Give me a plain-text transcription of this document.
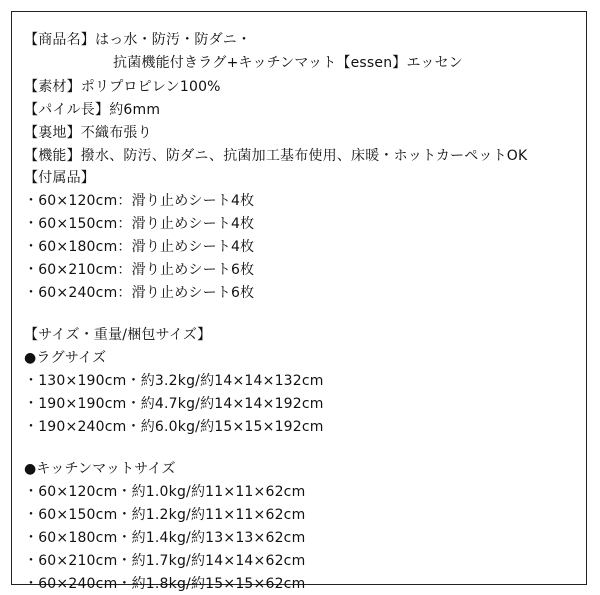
【商品名】はっ水・防汚・防ダニ・
抗菌機能付きラグ+キッチンマット【essen】エッセン
【素材】ポリプロピレン100%
【パイル長】約6mm
【裏地】不織布張り
【機能】撥水、防汚、防ダニ、抗菌加工基布使用、床暖・ホットカーペットOK
【付属品】
・60×120cm：滑り止めシート4枚
・60×150cm：滑り止めシート4枚
・60×180cm：滑り止めシート4枚
・60×210cm：滑り止めシート6枚
・60×240cm：滑り止めシート6枚
【サイズ・重量/梱包サイズ】
●ラグサイズ
・130×190cm・約3.2kg/約14×14×132cm
・190×190cm・約4.7kg/約14×14×192cm
・190×240cm・約6.0kg/約15×15×192cm
●キッチンマットサイズ
・60×120cm・約1.0kg/約11×11×62cm
・60×150cm・約1.2kg/約11×11×62cm
・60×180cm・約1.4kg/約13×13×62cm
・60×210cm・約1.7kg/約14×14×62cm
・60×240cm・約1.8kg/約15×15×62cm
